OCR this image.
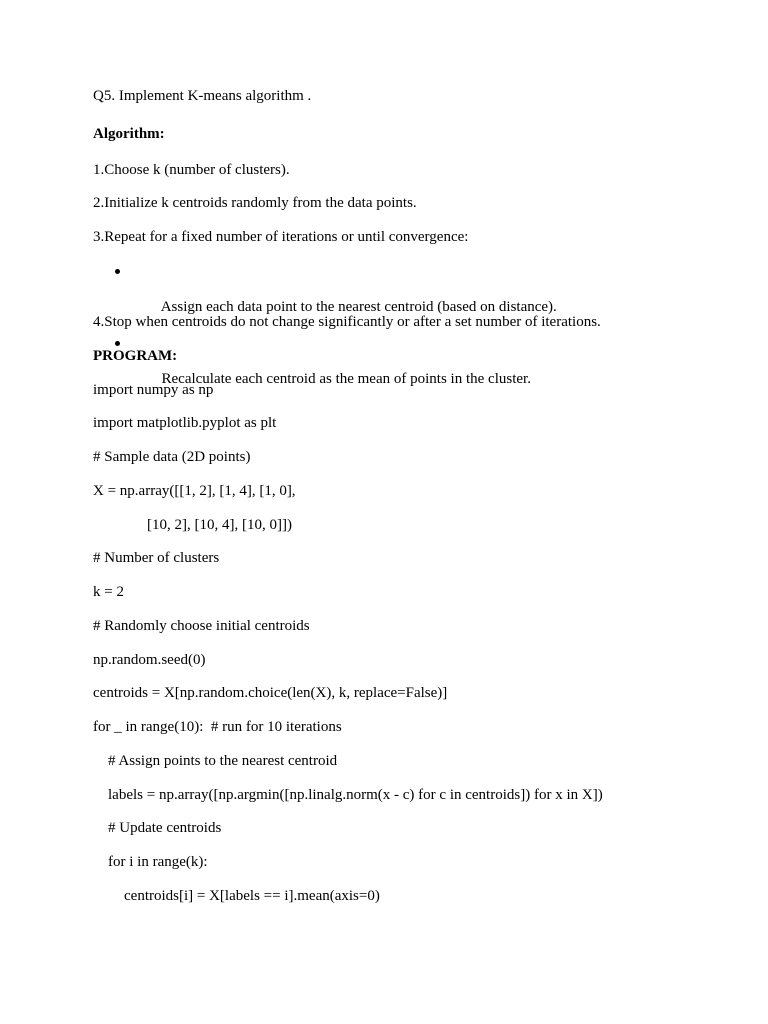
Q5. Implement K-means algorithm .
Algorithm:
1.Choose k (number of clusters).
2.Initialize k centroids randomly from the data points.
3.Repeat for a fixed number of iterations or until convergence:

Assign each data point to the nearest centroid (based on distance).

Recalculate each centroid as the mean of points in the cluster.

4.Stop when centroids do not change significantly or after a set number of iterations.
PROGRAM:
import numpy as np
import matplotlib.pyplot as plt
# Sample data (2D points)
X = np.array([[1, 2], [1, 4], [1, 0],
[10, 2], [10, 4], [10, 0]])
# Number of clusters
k = 2
# Randomly choose initial centroids
np.random.seed(0)
centroids = X[np.random.choice(len(X), k, replace=False)]
for _ in range(10):  # run for 10 iterations
# Assign points to the nearest centroid
labels = np.array([np.argmin([np.linalg.norm(x - c) for c in centroids]) for x in X])
# Update centroids
for i in range(k):
centroids[i] = X[labels == i].mean(axis=0)
